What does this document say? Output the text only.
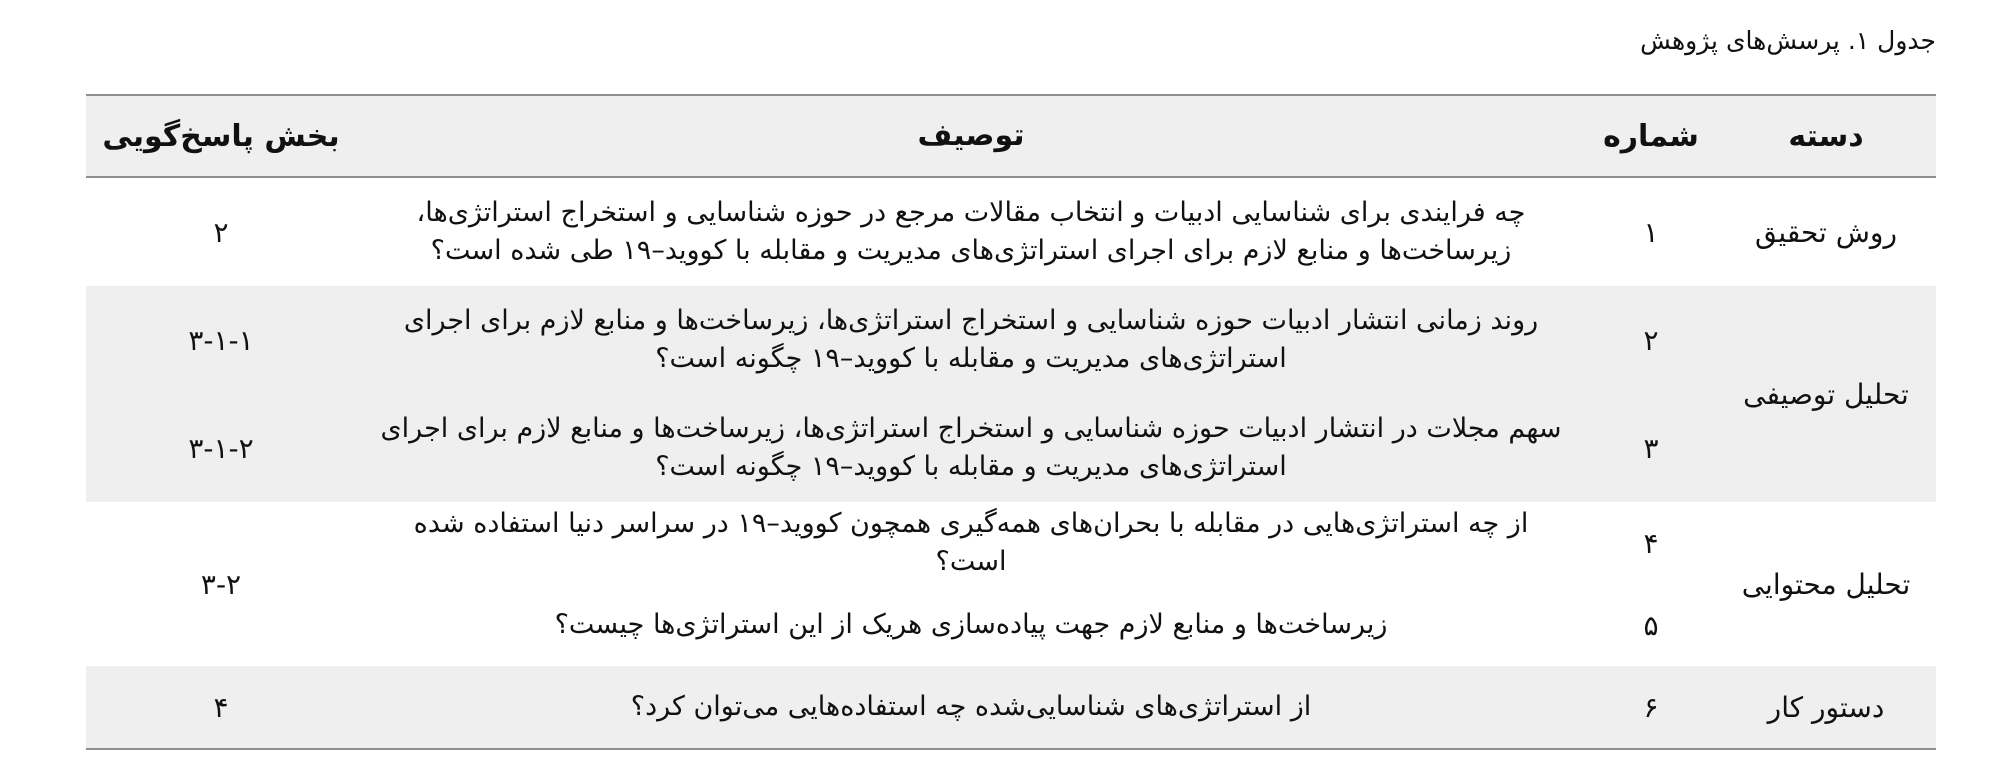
جدول ۱. پرسش‌های پژوهش
دسته
شماره
توصیف
بخش پاسخ‌گویی
روش تحقیق
۱
چه فرایندی برای شناسایی ادبیات و انتخاب مقالات مرجع در حوزه شناسایی و استخراج استراتژی‌ها، زیرساخت‌ها و منابع لازم برای اجرای استراتژی‌های مدیریت و مقابله با کووید–۱۹ طی شده است؟
۲
تحلیل توصیفی
۲
روند زمانی انتشار ادبیات حوزه شناسایی و استخراج استراتژی‌ها، زیرساخت‌ها و منابع لازم برای اجرای استراتژی‌های مدیریت و مقابله با کووید–۱۹ چگونه است؟
۳-۱-۱
۳
سهم مجلات در انتشار ادبیات حوزه شناسایی و استخراج استراتژی‌ها، زیرساخت‌ها و منابع لازم برای اجرای استراتژی‌های مدیریت و مقابله با کووید–۱۹ چگونه است؟
۳-۱-۲
تحلیل محتوایی
۴
از چه استراتژی‌هایی در مقابله با بحران‌های همه‌گیری همچون کووید–۱۹ در سراسر دنیا استفاده شده است؟
۵
زیرساخت‌ها و منابع لازم جهت پیاده‌سازی هریک از این استراتژی‌ها چیست؟
۳-۲
دستور کار
۶
از استراتژی‌های شناسایی‌شده چه استفاده‌هایی می‌توان کرد؟
۴
